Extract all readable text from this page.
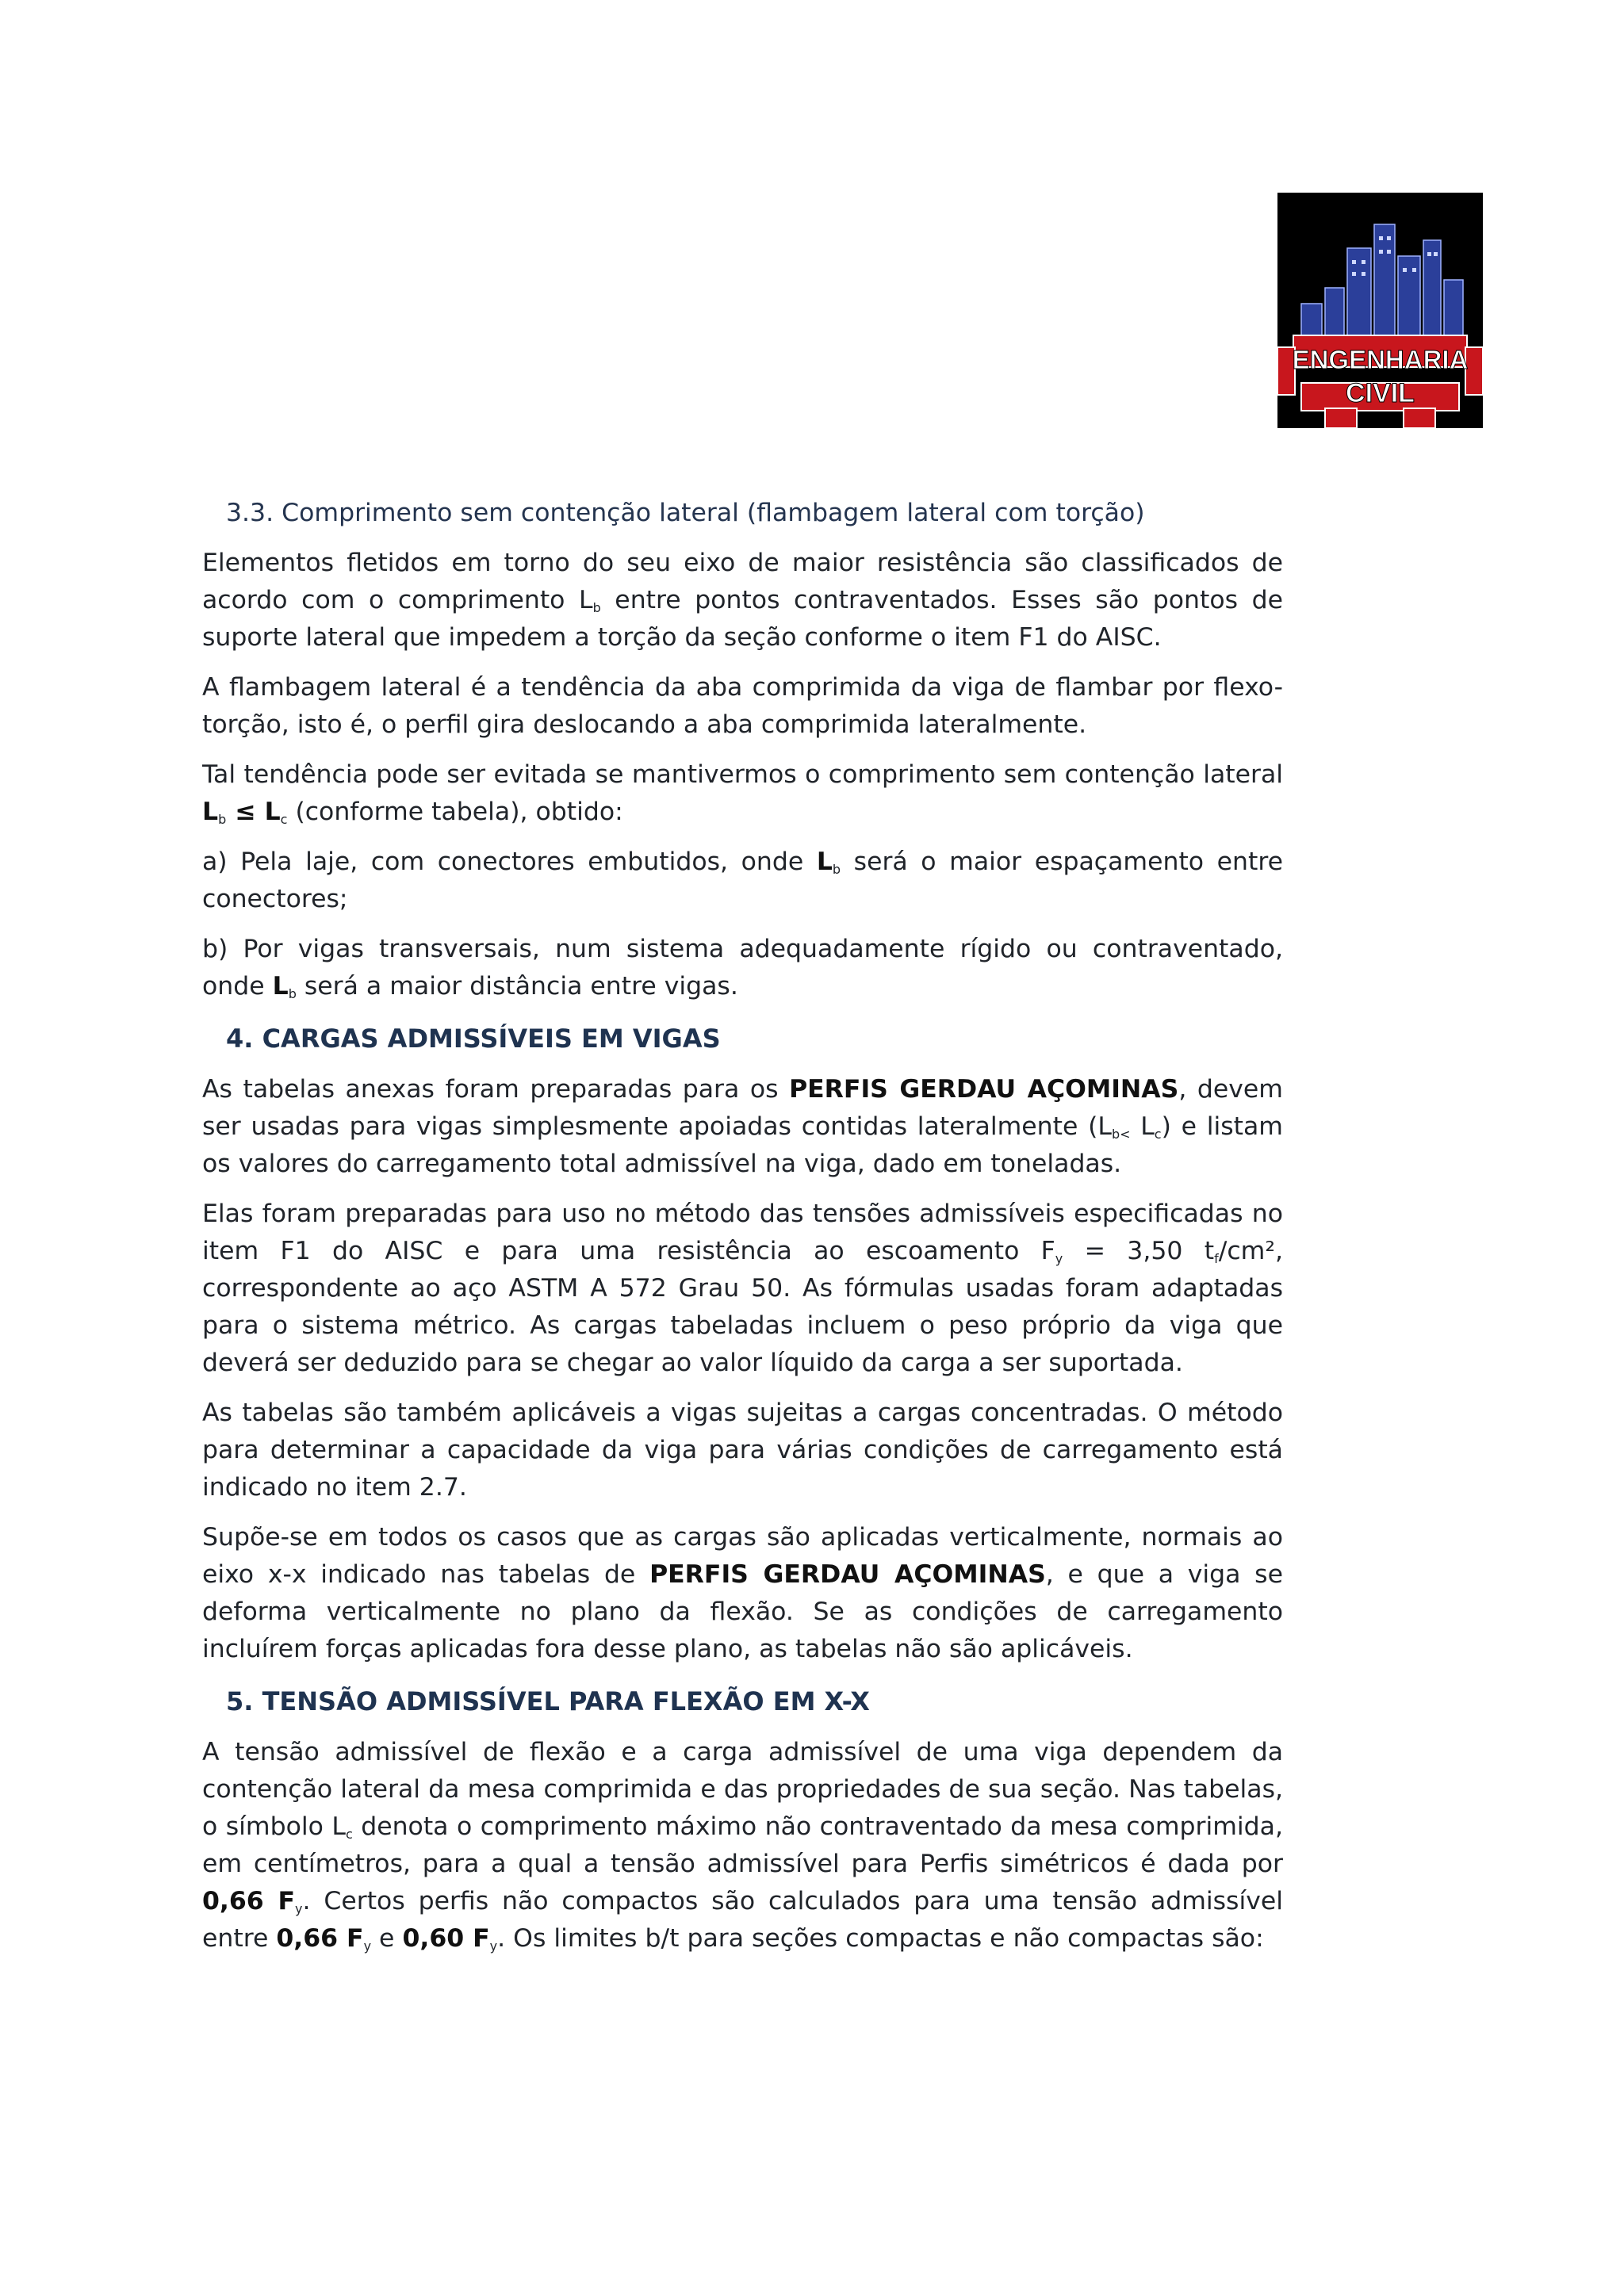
ENGENHARIA
CIVIL
3.3. Comprimento sem contenção lateral (flambagem lateral com torção)

Elementos fletidos em torno do seu eixo de maior resistência são classificados de acordo com o comprimento $L_b$ entre pontos contraventados. Esses são pontos de suporte lateral que impedem a torção da seção conforme o item F1 do AISC.

A flambagem lateral é a tendência da aba comprimida da viga de flambar por flexo-torção, isto é, o perfil gira deslocando a aba comprimida lateralmente.

Tal tendência pode ser evitada se mantivermos o comprimento sem contenção lateral $L_b \le L_c$ (conforme tabela), obtido:

a) Pela laje, com conectores embutidos, onde $L_b$ será o maior espaçamento entre conectores;

b) Por vigas transversais, num sistema adequadamente rígido ou contraventado, onde $L_b$ será a maior distância entre vigas.

4. CARGAS ADMISSÍVEIS EM VIGAS

As tabelas anexas foram preparadas para os PERFIS GERDAU AÇOMINAS, devem ser usadas para vigas simplesmente apoiadas contidas lateralmente ($L_{b<}$ $L_c$) e listam os valores do carregamento total admissível na viga, dado em toneladas.

Elas foram preparadas para uso no método das tensões admissíveis especificadas no item F1 do AISC e para uma resistência ao escoamento $F_y = 3,50$ $t_f$/cm², correspondente ao aço ASTM A 572 Grau 50. As fórmulas usadas foram adaptadas para o sistema métrico. As cargas tabeladas incluem o peso próprio da viga que deverá ser deduzido para se chegar ao valor líquido da carga a ser suportada.

As tabelas são também aplicáveis a vigas sujeitas a cargas concentradas. O método para determinar a capacidade da viga para várias condições de carregamento está indicado no item 2.7.

Supõe-se em todos os casos que as cargas são aplicadas verticalmente, normais ao eixo x-x indicado nas tabelas de PERFIS GERDAU AÇOMINAS, e que a viga se deforma verticalmente no plano da flexão. Se as condições de carregamento incluírem forças aplicadas fora desse plano, as tabelas não são aplicáveis.

5. TENSÃO ADMISSÍVEL PARA FLEXÃO EM X-X

A tensão admissível de flexão e a carga admissível de uma viga dependem da contenção lateral da mesa comprimida e das propriedades de sua seção. Nas tabelas, o símbolo $L_c$ denota o comprimento máximo não contraventado da mesa comprimida, em centímetros, para a qual a tensão admissível para Perfis simétricos é dada por 0,66 $F_y$. Certos perfis não compactos são calculados para uma tensão admissível entre 0,66 $F_y$ e 0,60 $F_y$. Os limites b/t para seções compactas e não compactas são:
